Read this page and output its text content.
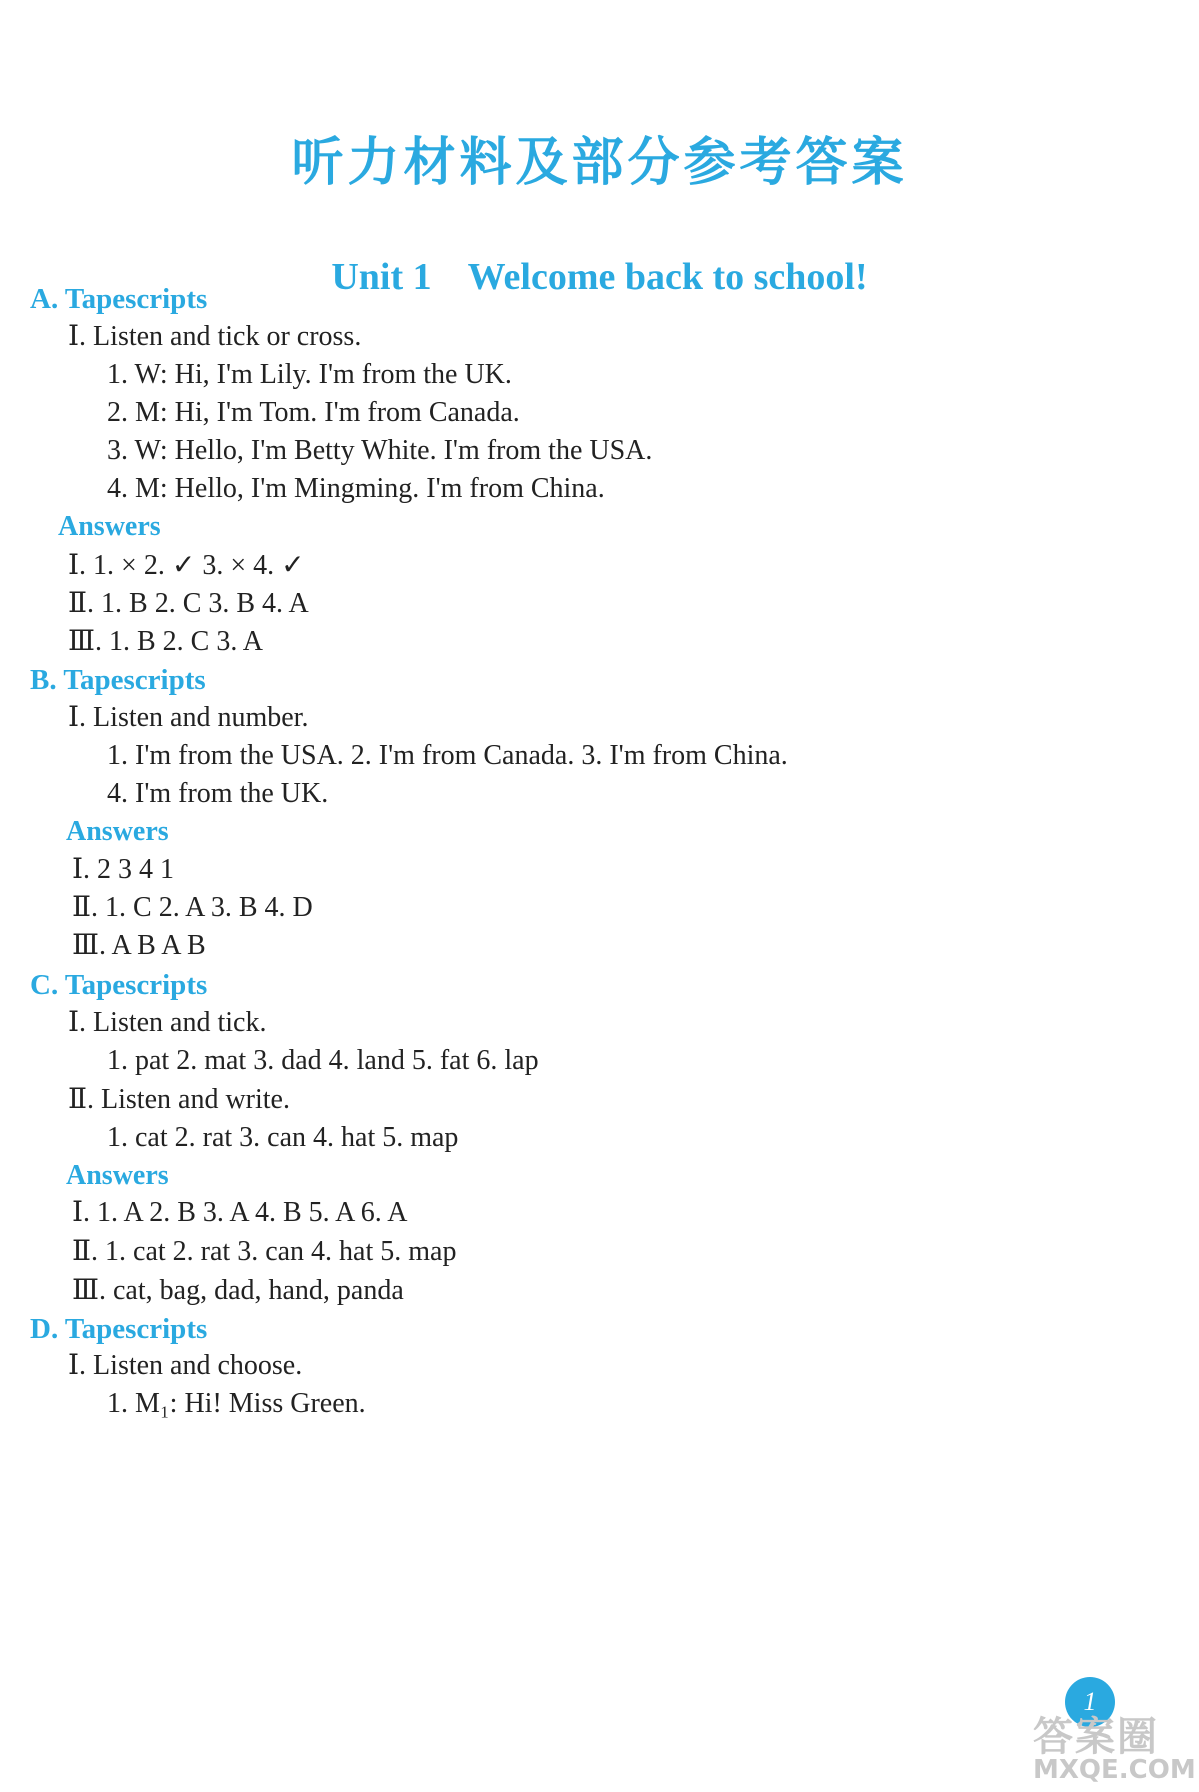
听力材料及部分参考答案
Unit 1 Welcome back to school!
A. Tapescripts
Ⅰ. Listen and tick or cross.
1. W: Hi, I'm Lily. I'm from the UK.
2. M: Hi, I'm Tom. I'm from Canada.
3. W: Hello, I'm Betty White. I'm from the USA.
4. M: Hello, I'm Mingming. I'm from China.
Answers
Ⅰ. 1. × 2. ✓ 3. × 4. ✓
Ⅱ. 1. B 2. C 3. B 4. A
Ⅲ. 1. B 2. C 3. A
B. Tapescripts
Ⅰ. Listen and number.
1. I'm from the USA. 2. I'm from Canada. 3. I'm from China.
4. I'm from the UK.
Answers
Ⅰ. 2 3 4 1
Ⅱ. 1. C 2. A 3. B 4. D
Ⅲ. A B A B
C. Tapescripts
Ⅰ. Listen and tick.
1. pat 2. mat 3. dad 4. land 5. fat 6. lap
Ⅱ. Listen and write.
1. cat 2. rat 3. can 4. hat 5. map
Answers
Ⅰ. 1. A 2. B 3. A 4. B 5. A 6. A
Ⅱ. 1. cat 2. rat 3. can 4. hat 5. map
Ⅲ. cat, bag, dad, hand, panda
D. Tapescripts
Ⅰ. Listen and choose.
1. M₁: Hi! Miss Green.
1
答案圈
MXQE.COM
